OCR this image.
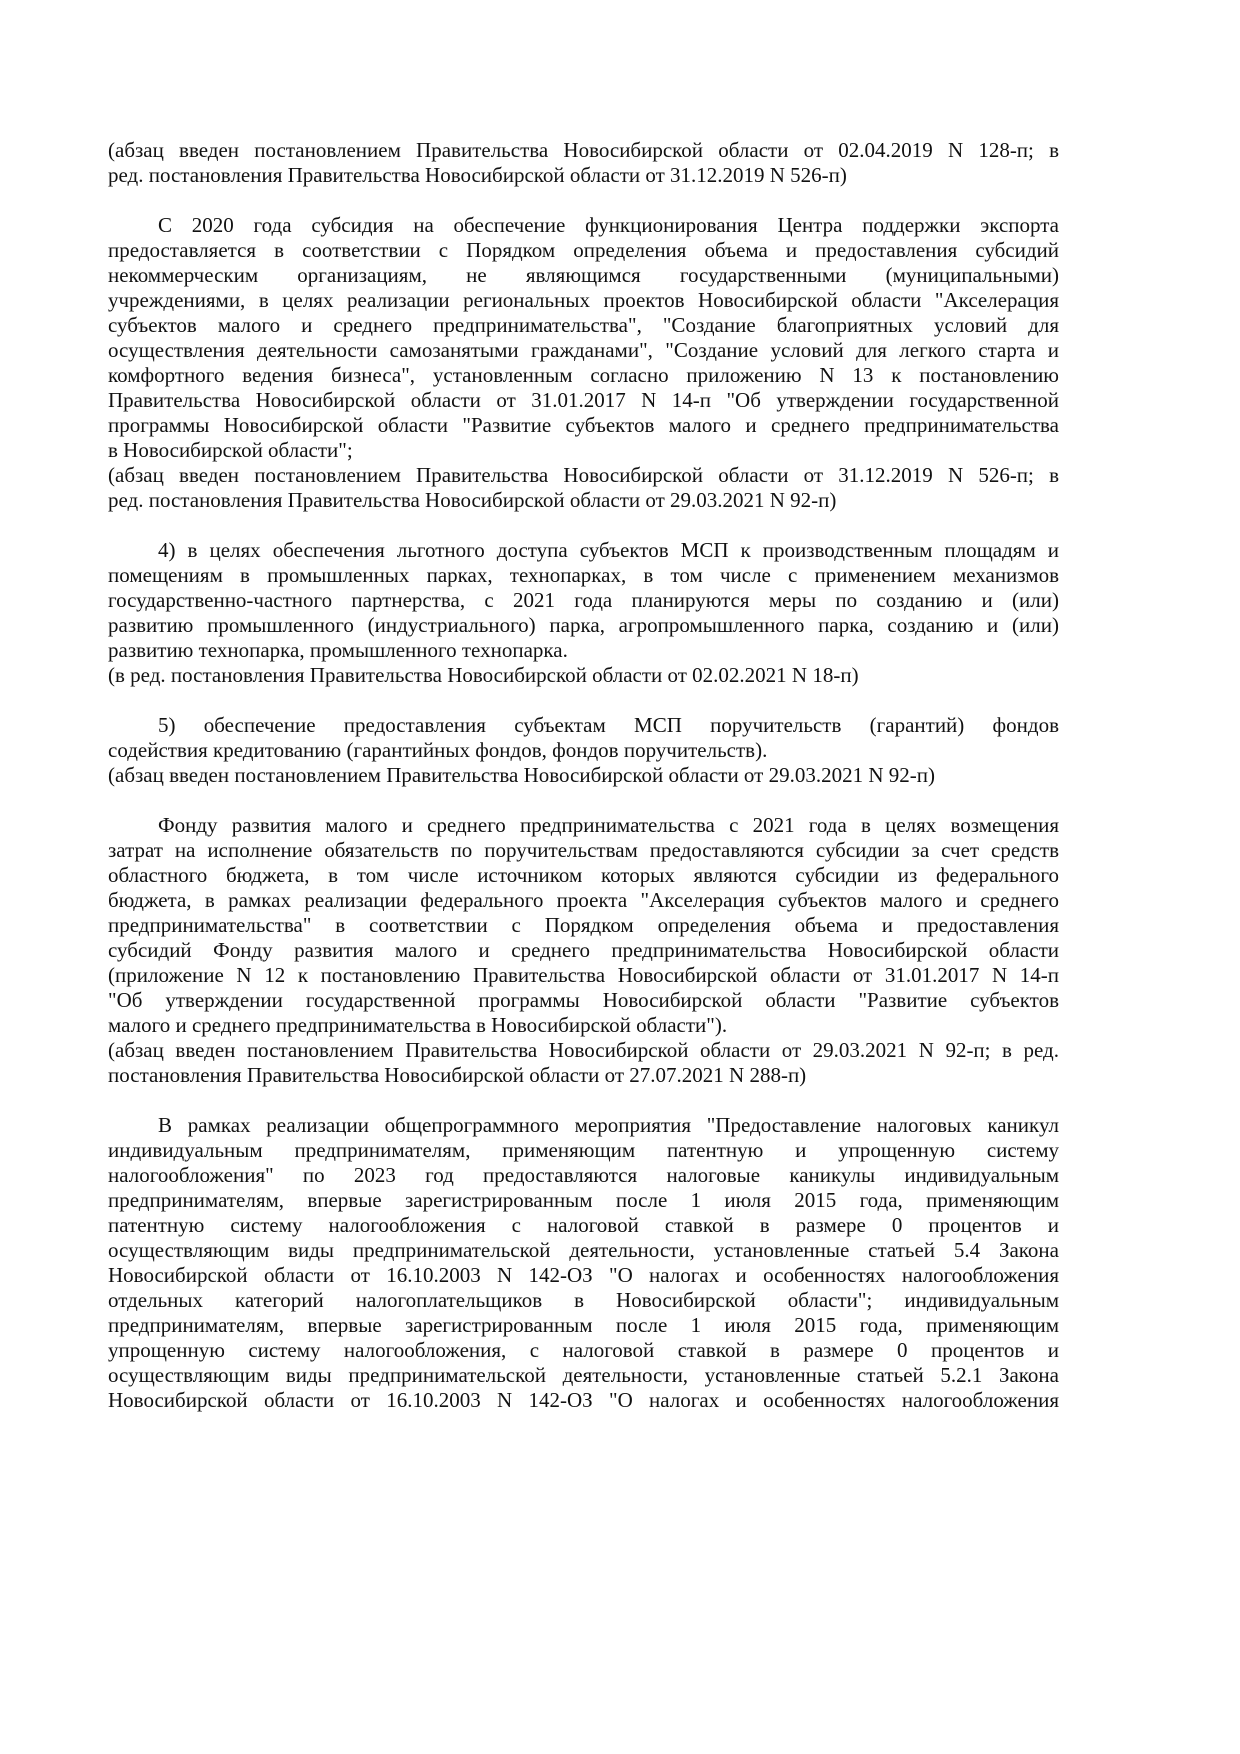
(абзац введен постановлением Правительства Новосибирской области от 02.04.2019 N 128-п; в
ред. постановления Правительства Новосибирской области от 31.12.2019 N 526-п)
С 2020 года субсидия на обеспечение функционирования Центра поддержки экспорта
предоставляется в соответствии с Порядком определения объема и предоставления субсидий
некоммерческим организациям, не являющимся государственными (муниципальными)
учреждениями, в целях реализации региональных проектов Новосибирской области "Акселерация
субъектов малого и среднего предпринимательства", "Создание благоприятных условий для
осуществления деятельности самозанятыми гражданами", "Создание условий для легкого старта и
комфортного ведения бизнеса", установленным согласно приложению N 13 к постановлению
Правительства Новосибирской области от 31.01.2017 N 14-п "Об утверждении государственной
программы Новосибирской области "Развитие субъектов малого и среднего предпринимательства
в Новосибирской области";
(абзац введен постановлением Правительства Новосибирской области от 31.12.2019 N 526-п; в
ред. постановления Правительства Новосибирской области от 29.03.2021 N 92-п)
4) в целях обеспечения льготного доступа субъектов МСП к производственным площадям и
помещениям в промышленных парках, технопарках, в том числе с применением механизмов
государственно-частного партнерства, с 2021 года планируются меры по созданию и (или)
развитию промышленного (индустриального) парка, агропромышленного парка, созданию и (или)
развитию технопарка, промышленного технопарка.
(в ред. постановления Правительства Новосибирской области от 02.02.2021 N 18-п)
5) обеспечение предоставления субъектам МСП поручительств (гарантий) фондов
содействия кредитованию (гарантийных фондов, фондов поручительств).
(абзац введен постановлением Правительства Новосибирской области от 29.03.2021 N 92-п)
Фонду развития малого и среднего предпринимательства с 2021 года в целях возмещения
затрат на исполнение обязательств по поручительствам предоставляются субсидии за счет средств
областного бюджета, в том числе источником которых являются субсидии из федерального
бюджета, в рамках реализации федерального проекта "Акселерация субъектов малого и среднего
предпринимательства" в соответствии с Порядком определения объема и предоставления
субсидий Фонду развития малого и среднего предпринимательства Новосибирской области
(приложение N 12 к постановлению Правительства Новосибирской области от 31.01.2017 N 14-п
"Об утверждении государственной программы Новосибирской области "Развитие субъектов
малого и среднего предпринимательства в Новосибирской области").
(абзац введен постановлением Правительства Новосибирской области от 29.03.2021 N 92-п; в ред.
постановления Правительства Новосибирской области от 27.07.2021 N 288-п)
В рамках реализации общепрограммного мероприятия "Предоставление налоговых каникул
индивидуальным предпринимателям, применяющим патентную и упрощенную систему
налогообложения" по 2023 год предоставляются налоговые каникулы индивидуальным
предпринимателям, впервые зарегистрированным после 1 июля 2015 года, применяющим
патентную систему налогообложения с налоговой ставкой в размере 0 процентов и
осуществляющим виды предпринимательской деятельности, установленные статьей 5.4 Закона
Новосибирской области от 16.10.2003 N 142-ОЗ "О налогах и особенностях налогообложения
отдельных категорий налогоплательщиков в Новосибирской области"; индивидуальным
предпринимателям, впервые зарегистрированным после 1 июля 2015 года, применяющим
упрощенную систему налогообложения, с налоговой ставкой в размере 0 процентов и
осуществляющим виды предпринимательской деятельности, установленные статьей 5.2.1 Закона
Новосибирской области от 16.10.2003 N 142-ОЗ "О налогах и особенностях налогообложения
